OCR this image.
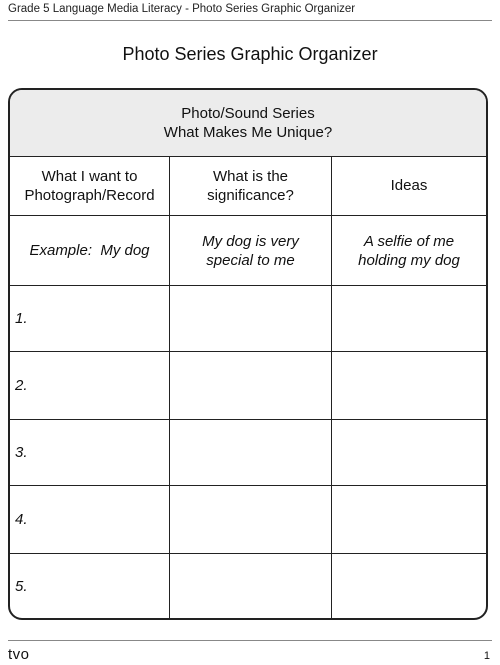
Grade 5 Language Media Literacy - Photo Series Graphic Organizer
Photo Series Graphic Organizer
Photo/Sound Series
What Makes Me Unique?
What I want to
Photograph/Record
What is the
significance?
Ideas
Example:  My dog
My dog is very
special to me
A selfie of me
holding my dog
1.
2.
3.
4.
5.
tvo	1
